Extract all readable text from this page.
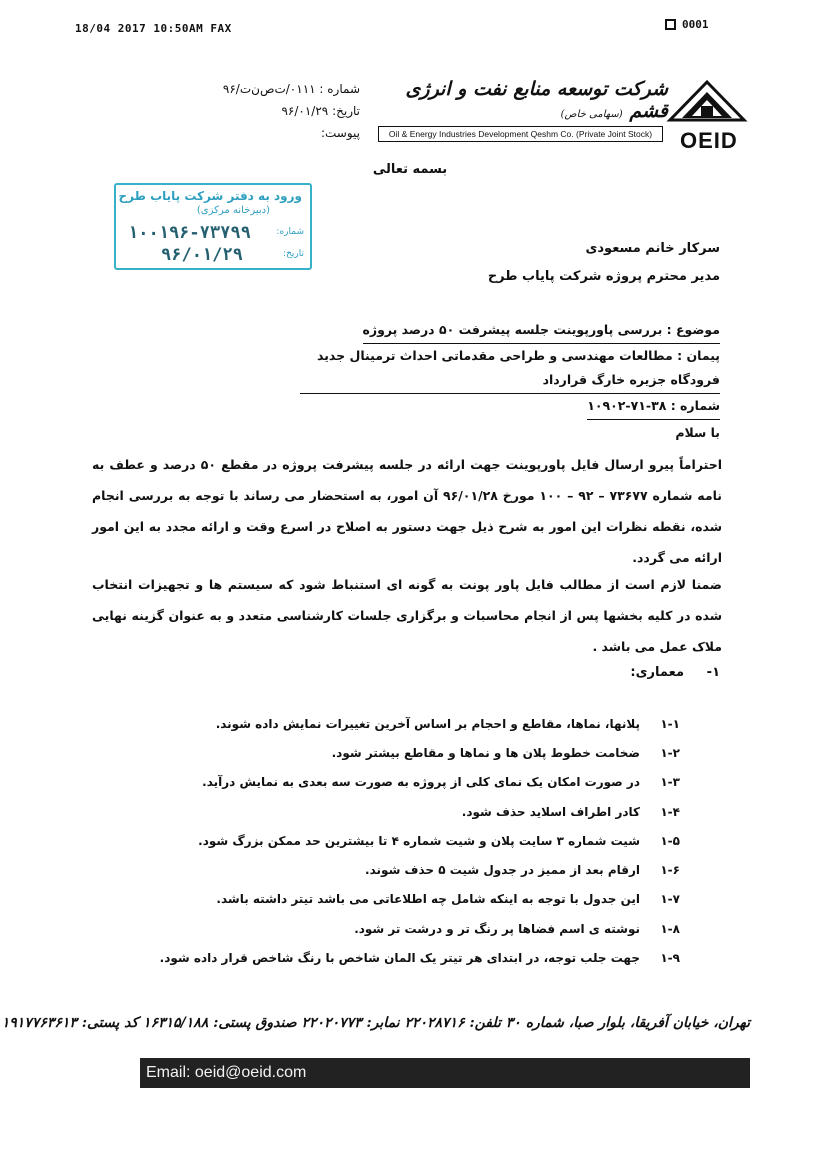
18/04 2017 10:50AM FAX	0001
OEID
شرکت توسعه منابع نفت و انرژی قشم (سهامی خاص)
Oil & Energy Industries Development Qeshm Co. (Private Joint Stock)
شماره : ۰۱۱۱/ت‌ص‌ن‌ت/۹۶
تاریخ: ۹۶/۰۱/۲۹
پیوست:
بسمه تعالی
ورود به دفتر شرکت پایاب طرح
(دبیرخانه مرکزی)
شماره:
۱۰۰۱۹۶-۷۳۷۹۹
تاریخ:
۹۶/۰۱/۲۹	سرکار خانم مسعودی
مدیر محترم پروژه شرکت پایاب طرح
موضوع : بررسی پاورپوینت جلسه پیشرفت ۵۰ درصد پروژه
پیمان : مطالعات مهندسی و طراحی مقدماتی احداث ترمینال جدید فرودگاه جزیره خارگ قرارداد
شماره : ۳۸-۷۱-۱۰۹۰۲
با سلام
احتراماً پیرو ارسال فایل پاورپوینت جهت ارائه در جلسه پیشرفت پروژه در مقطع ۵۰ درصد و عطف به نامه شماره ۷۳۶۷۷ – ۹۲ – ۱۰۰ مورخ ۹۶/۰۱/۲۸ آن امور، به استحضار می رساند با توجه به بررسی انجام شده، نقطه نظرات این امور به شرح ذیل جهت دستور به اصلاح در اسرع وقت و ارائه مجدد به این امور ارائه می گردد.
ضمنا لازم است از مطالب فایل پاور پونت به گونه ای استنباط شود که سیستم ها و تجهیزات انتخاب شده در کلیه بخشها پس از انجام محاسبات و برگزاری جلسات کارشناسی متعدد و به عنوان گزینه نهایی ملاک عمل می باشد .
۱-     معماری:
۱-۱
پلانها، نماها، مقاطع و احجام بر اساس آخرین تغییرات نمایش داده شوند.
۱-۲
ضخامت خطوط پلان ها و نماها و مقاطع بیشتر شود.
۱-۳
در صورت امکان یک نمای کلی از پروژه به صورت سه بعدی به نمایش درآید.
۱-۴
کادر اطراف اسلاید حذف شود.
۱-۵
شیت شماره ۳ سایت پلان و شیت شماره ۴ تا بیشترین حد ممکن بزرگ شود.
۱-۶
ارقام بعد از ممیز در جدول شیت ۵ حذف شوند.
۱-۷
این جدول با توجه به اینکه شامل چه اطلاعاتی می باشد تیتر داشته باشد.
۱-۸
نوشته ی اسم فضاها پر رنگ تر و درشت تر شود.
۱-۹
جهت جلب توجه، در ابتدای هر تیتر یک المان شاخص با رنگ شاخص قرار داده شود.
تهران، خیابان آفریقا، بلوار صبا، شماره ۳۰ تلفن: ۲۲۰۲۸۷۱۶ نمابر: ۲۲۰۲۰۷۷۳ صندوق پستی: ۱۶۳۱۵/۱۸۸ کد پستی: ۱۹۱۷۷۶۳۶۱۳
Email: oeid@oeid.com
